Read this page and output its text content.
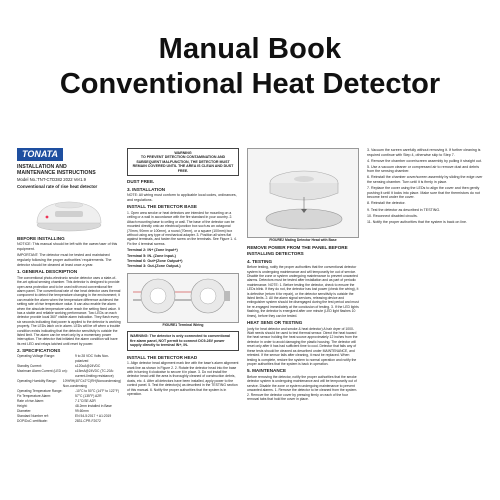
Manual Book
Conventional Heat Detector
TONATA
INSTALLATION AND
MAINTENANCE INSTRUCTIONS
Model No.:TNT-CTD382 2022 Ver1.9
Conventional rate of rise heat detector
BEFORE INSTALLING
NOTICE: This manual should be left with the owner/user of this equipment.
IMPORTANT: The detector must be tested and maintained regularly following the proper authorities' requirements. The detector should be cleaned at least once a year.
1. GENERAL DESCRIPTION
The conventional photo-electronic smoke detector uses a state-of-the-art optical sensing chamber. This detector is designed to provide open area protection and to be used with most conventional fire alarm panel. The conventional rate of rise heat detector uses thermal component to detect the temperature changing in the environment; it can enable fire alarm when the temperature difference achieved the setting rate of rise temperature value. It can also enable the alarm when the absolute temperature value reach the setting fixed value. It has a stable and reliable working performance. Two LEDs on each detector provide local 360° visible alarm indication. They flash every six seconds indicating that power is applied to the detector is working properly. The LEDs latch on in alarm. LEDs will be off when a trouble condition exists indicating that the detector sensitivity is outside the listed limit. The alarm can be reset only by a momentary power interruption. The detector that initiated the alarm condition will have its red LED and relays latched until reset by power.
2. SPECIFICATIONS
Operating Voltage Range:	9 to 28 VDC Volts Non-polarized
Standby Current:	≤120uA@24VDC
Maximum Alarm Current (LED on):	≤15mA@24VDC (TC-20A: current-limiting resistance)
Operating Humidity Range:	10%RH(40°C±2°C)RH(Noncondensing) Non-condensing
Operating Temperature Range:	-10°C to 50°C (14°F to 122°F)
Fix Temperature Alarm:	57°C (135°F) A2R
Rate of rise Alarm:	7.1°C/SE A2R
Height:	48.2mm installed in Base
Diameter:	99.60mm
Standard Number ref:	EN 54-5:2017 + A1:2019
DOP/DoC certificate:	2831-CPR-F2072
WARNING
TO PREVENT DETECTION CONTAMINATION AND SUBSEQUENT MALFUNCTION, THE DETECTOR MUST REMAIN COVERED UNTIL THE AREA IS CLEAN AND DUST FREE.
DUST FREE.
3. INSTALLATION
NOTE: All wiring must conform to applicable local codes, ordinances, and regulations.
INSTALL THE DETECTOR BASE
1. Open area smoke or heat detectors are intended for mounting on a ceiling or a wall in accordance with the fire standard in your country. 2. Attach mounting base to ceiling or wall. The base of the detector can be mounted directly onto an electrical junction box such as an octagonal (70mm, 90mm or 100mm), a round (70mm), or a square (100mm) box without using any type of mechanical adapter. 3. Position all wires flat against terminals, and fasten the screw on the terminals. See Figure 1. 4. Fix the 4 terminal screws.
Terminal 2: IN+ (Zone Input+)
Terminal 5: IN- (Zone Input-)
Terminal 6: Out+(Zone Output+)
Terminal 3: Out-(Zone Output-)
FIGURE1 Terminal Wiring
WARNING: The detector is only connected to conventional fire alarm panel, NOT permit to connect DC9-28V power supply directly to terminal IN+, IN-
INSTALL THE DETECTOR HEAD
1. Align detector head alignment mark line with the base's alarm alignment mark line as shown in Figure 2. 2. Rotate the detector head into the base with in turning it clockwise to secure it in place. 3. Do not install the detector head until the area is thoroughly cleaned of construction debris, dusts, etc. 4. After all detectors have been installed, apply power to the control panel. 5. Test the detector(s) as described in the TESTING section of this manual. 6. Notify the proper authorities that the system is in operation.
FIGURE2 Mating Detector Head with Base
REMOVE POWER FROM THE PANEL BEFORE INSTALLING DETECTORS
4. TESTING
Before testing, notify the proper authorities that the conventional detector system is undergoing maintenance and will temporarily be out of service. Disable the zone or system undergoing maintenance to prevent unwanted alarms. Detectors must be tested after installation and as part of periodic maintenance. NOTE: 1. Before testing the detector, check to ensure the LEDs blink. If they do not, the detector has lost power (check the wiring), it is defective (return it for repair), or the detector sensitivity is outside the listed limits. 2. All the alarm signal services, releasing device and extinguisher system should be disengaged during the test period and must be re-engaged immediately at the conclusion of testing. 3. If the LED lights flashing, the detector is energized after one minute (LED light flashes 10 times), before they can be tested.
HEAT SENS OR TESTING
(only for heat detector and smoke & heat detector) A hair dryer of 1000-Watt needs should be used to test thermal sensor. Direct the heat toward the heat sensor holding the heat source approximately 12 inches from the detector in order to avoid damaging the plastic housing. The detector will reset only after it has had sufficient time to cool. Detector that fails any of these tests should be cleaned as described under MAINTENANCE, and retested. If the sensor fails after cleaning, it must be replaced. When testing is complete, restore the system to normal operation and notify the proper authorities that the system is back in operation.
5. MAINTENANCE
Before removing the detector, notify the proper authorities that the smoke detector system is undergoing maintenance and will be temporarily out of service. Disable the zone or system undergoing maintenance to prevent unwanted alarms. 1. Remove the detector to be cleaned from the system. 2. Remove the detector cover by pressing firmly on each of the four removal tabs that hold the cover in place.
3. Vacuum the screen carefully without removing it. If further cleaning is required continue with Step 4, otherwise skip to Step 7.
4. Remove the chamber cover/screen assembly by pulling it straight out.
5. Use a vacuum cleaner or compressed air to remove dust and debris from the sensing chamber.
6. Reinstall the chamber cover/screen assembly by sliding the edge over the sensing chamber. Turn until it is firmly in place.
7. Replace the cover using the LEDs to align the cover and then gently pushing it until it locks into place. Make sure that the thermistors do not become bent under the cover.
8. Reinstall the detector.
9. Test the detector as described in TESTING.
10. Reconnect disabled circuits.
11. Notify the proper authorities that the system is back on line.
